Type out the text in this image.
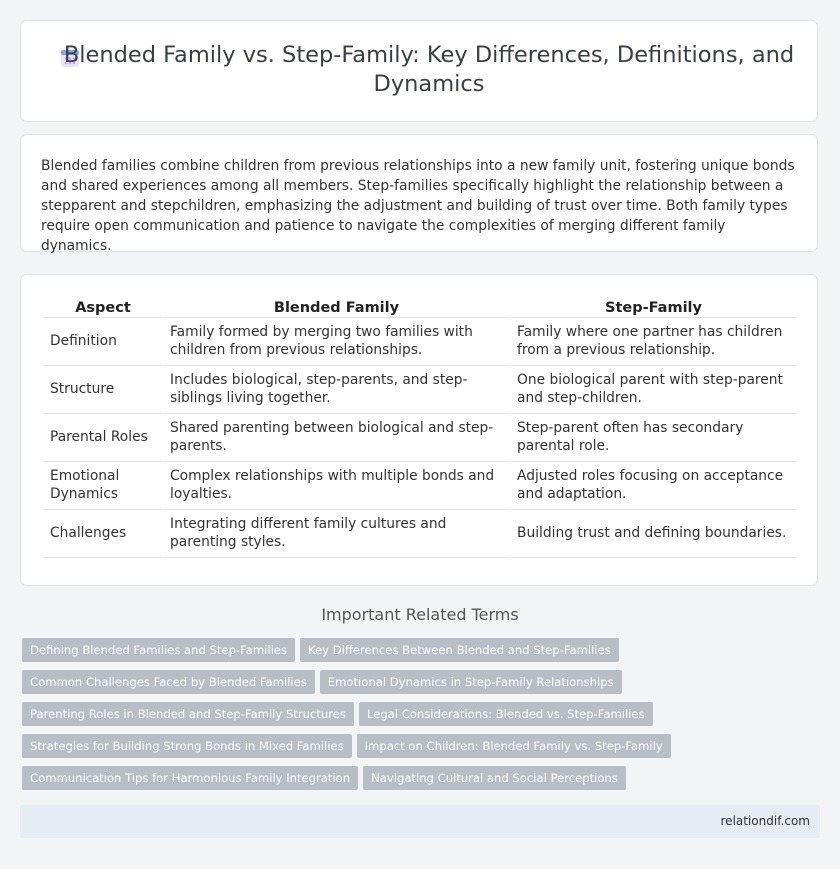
Blended Family vs. Step-Family: Key Differences, Definitions, and Dynamics

Blended families combine children from previous relationships into a new family unit, fostering unique bonds and shared experiences among all members. Step-families specifically highlight the relationship between a stepparent and stepchildren, emphasizing the adjustment and building of trust over time. Both family types require open communication and patience to navigate the complexities of merging different family dynamics.

Aspect	Blended Family	Step-Family
Definition	Family formed by merging two families with children from previous relationships.	Family where one partner has children from a previous relationship.
Structure	Includes biological, step-parents, and step-siblings living together.	One biological parent with step-parent and step-children.
Parental Roles	Shared parenting between biological and step-parents.	Step-parent often has secondary parental role.
Emotional Dynamics	Complex relationships with multiple bonds and loyalties.	Adjusted roles focusing on acceptance and adaptation.
Challenges	Integrating different family cultures and parenting styles.	Building trust and defining boundaries.
Important Related Terms
Defining Blended Families and Step-Families Key Differences Between Blended and Step-Families
Common Challenges Faced by Blended Families Emotional Dynamics in Step-Family Relationships
Parenting Roles in Blended and Step-Family Structures Legal Considerations: Blended vs. Step-Families
Strategies for Building Strong Bonds in Mixed Families Impact on Children: Blended Family vs. Step-Family
Communication Tips for Harmonious Family Integration Navigating Cultural and Social Perceptions
relationdif.com
